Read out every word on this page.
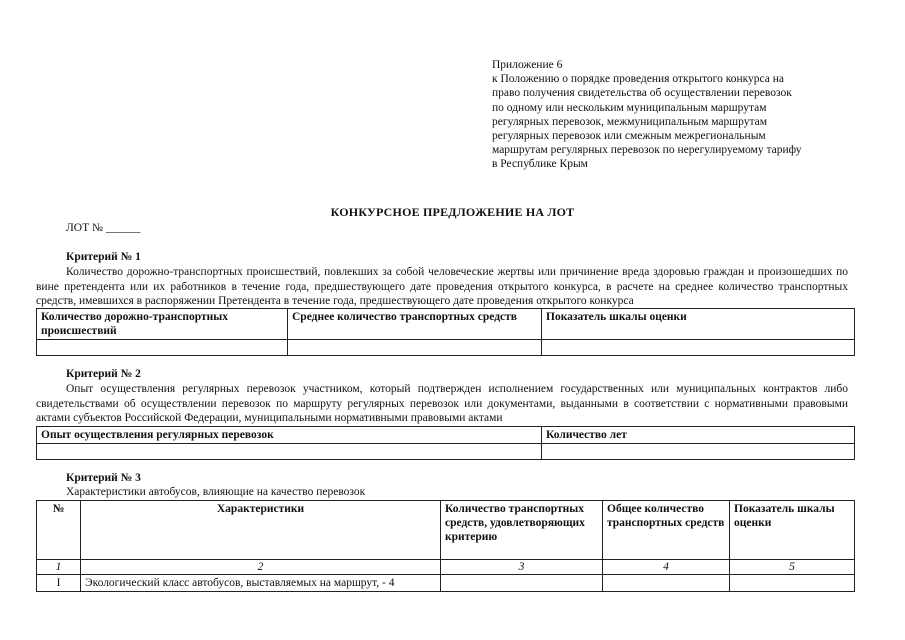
Приложение 6
к Положению о порядке проведения открытого конкурса на
право получения свидетельства об осуществлении перевозок
по одному или нескольким муниципальным маршрутам
регулярных перевозок, межмуниципальным маршрутам
регулярных перевозок или смежным межрегиональным
маршрутам регулярных перевозок по нерегулируемому тарифу
в Республике Крым
КОНКУРСНОЕ ПРЕДЛОЖЕНИЕ НА ЛОТ
ЛОТ № ______
Критерий № 1
Количество дорожно-транспортных происшествий, повлекших за собой человеческие жертвы или причинение вреда здоровью граждан и произошедших по вине претендента или их работников в течение года, предшествующего дате проведения открытого конкурса, в расчете на среднее количество транспортных средств, имевшихся в распоряжении Претендента в течение года, предшествующего дате проведения открытого конкурса
Количество дорожно-транспортных происшествий	Среднее количество транспортных средств	Показатель шкалы оценки

Критерий № 2
Опыт осуществления регулярных перевозок участником, который подтвержден исполнением государственных или муниципальных контрактов либо свидетельствами об осуществлении перевозок по маршруту регулярных перевозок или документами, выданными в соответствии с нормативными правовыми актами субъектов Российской Федерации, муниципальными нормативными правовыми актами
Опыт осуществления регулярных перевозок	Количество лет

Критерий № 3
Характеристики автобусов, влияющие на качество перевозок
№	Характеристики	Количество транспортных средств, удовлетворяющих критерию	Общее количество транспортных средств	Показатель шкалы оценки
1	2	3	4	5
I	Экологический класс автобусов, выставляемых на маршрут, - 4			
